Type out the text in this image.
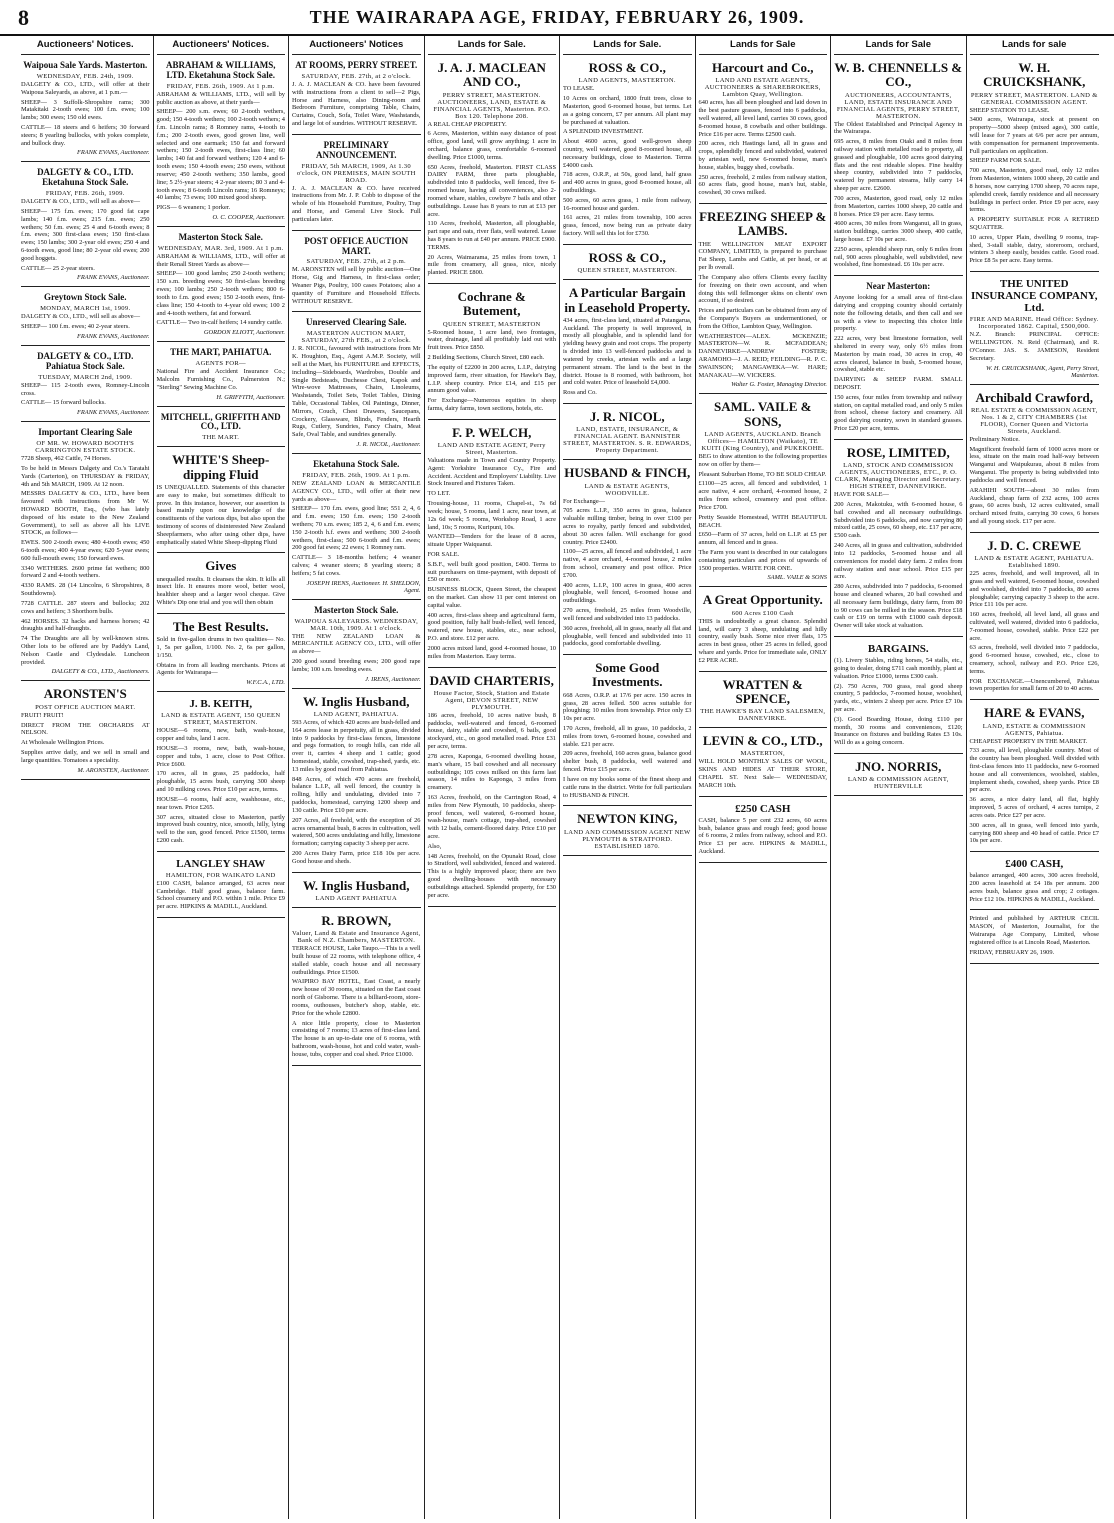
8	THE WAIRARAPA AGE, FRIDAY, FEBRUARY 26, 1909.
Auctioneers' Notices.
Waipoua Sale Yards. Masterton.
WEDNESDAY, FEB. 24th, 1909.

DALGETY & CO., LTD., will offer at their Waipoua Saleyards, as above, at 1 p.m.—

SHEEP— 3 Suffolk-Shropshire rams; 300 Matakitaki 2-tooth ewes; 100 f.m. ewes; 100 lambs; 300 ewes; 150 old ewes.

CATTLE— 18 steers and 6 heifers; 30 forward steers; 8 yearling bullocks, with yokes complete, and bullock dray.

FRANK EVANS, Auctioneer.
DALGETY & CO., LTD. Eketahuna Stock Sale.
FRIDAY, FEB. 26th, 1909.

DALGETY & CO., LTD., will sell as above—

SHEEP— 175 f.m. ewes; 170 good fat cape lambs; 140 f.m. ewes; 215 f.m. ewes; 250 wethers; 50 f.m. ewes; 25 4 and 6-tooth ewes; 8 f.m. ewes; 300 first-class ewes; 150 first-class ewes; 150 lambs; 300 2-year old ewes; 250 4 and 6-tooth ewes, good line; 80 2-year old ewes; 200 good hoggets.

CATTLE— 25 2-year steers.

FRANK EVANS, Auctioneer.
Greytown Stock Sale.
MONDAY, MARCH 1st, 1909.

DALGETY & CO., LTD., will sell as above—

SHEEP— 100 f.m. ewes; 40 2-year steers.

FRANK EVANS, Auctioneer.
DALGETY & CO., LTD. Pahiatua Stock Sale.
TUESDAY, MARCH 2nd, 1909.

SHEEP— 115 2-tooth ewes, Romney-Lincoln cross.

CATTLE— 15 forward bullocks.

FRANK EVANS, Auctioneer.
Important Clearing Sale
OF MR. W. HOWARD BOOTH'S CARRINGTON ESTATE STOCK.

7728 Sheep, 462 Cattle, 74 Horses.

To be held in Messrs Dalgety and Co.'s Taratahi Yards (Carterton), on THURSDAY & FRIDAY, 4th and 5th MARCH, 1909. At 12 noon.

MESSRS DALGETY & CO., LTD., have been favoured with instructions from Mr W. HOWARD BOOTH, Esq., (who has lately disposed of his estate to the New Zealand Government), to sell as above all his LIVE STOCK, as follows—

EWES. 500 2-tooth ewes; 480 4-tooth ewes; 450 6-tooth ewes; 400 4-year ewes; 620 5-year ewes; 600 full-mouth ewes; 150 forward ewes.

3340 WETHERS. 2600 prime fat wethers; 800 forward 2 and 4-tooth wethers.

4330 RAMS. 28 (14 Lincolns, 6 Shropshires, 8 Southdowns).

7728 CATTLE. 287 steers and bullocks; 202 cows and heifers; 3 Shorthorn bulls.

462 HORSES. 32 hacks and harness horses; 42 draughts and half-draughts.

74 The Draughts are all by well-known sires. Other lots to be offered are by Paddy's Land, Nelson Castle and Clydesdale. Luncheon provided.

DALGETY & CO., LTD., Auctioneers.
ARONSTEN'S
POST OFFICE AUCTION MART.

FRUIT! FRUIT!

DIRECT FROM THE ORCHARDS AT NELSON.

At Wholesale Wellington Prices.

Supplies arrive daily, and we sell in small and large quantities. Tomatoes a speciality.

M. ARONSTEN, Auctioneer.
Auctioneers' Notices.
ABRAHAM & WILLIAMS, LTD. Eketahuna Stock Sale.
FRIDAY, FEB. 26th, 1909. At 1 p.m.

ABRAHAM & WILLIAMS, LTD., will sell by public auction as above, at their yards—

SHEEP— 200 s.m. ewes; 60 2-tooth wethers, good; 150 4-tooth wethers; 100 2-tooth wethers; 4 f.m. Lincoln rams; 8 Romney rams, 4-tooth to f.m.; 200 2-tooth ewes, good grown line, well selected and one earmark; 150 fat and forward wethers; 150 2-tooth ewes, first-class line; 60 lambs; 140 fat and forward wethers; 120 4 and 6-tooth ewes; 150 4-tooth ewes; 250 ewes, without reserve; 450 2-tooth wethers; 350 lambs, good line; 5 2½-year steers; 4 2-year steers; 80 3 and 4-tooth ewes; 8 6-tooth Lincoln rams; 16 Romneys; 40 lambs; 73 ewes; 100 mixed good sheep.

PIGS— 6 weaners; 1 porker.

O. C. COOPER, Auctioneer.
Masterton Stock Sale.
WEDNESDAY, MAR. 3rd, 1909. At 1 p.m.

ABRAHAM & WILLIAMS, LTD., will offer at their Renall Street Yards as above—

SHEEP— 100 good lambs; 250 2-tooth wethers; 150 s.m. breeding ewes; 50 first-class breeding ewes; 100 lambs; 250 2-tooth wethers; 800 6-tooth to f.m. good ewes; 150 2-tooth ewes, first-class line; 150 4-tooth to 4-year old ewes; 100 2 and 4-tooth wethers, fat and forward.

CATTLE— Two in-calf heifers; 14 sundry cattle.

GORDON ELIOTT, Auctioneer.
THE MART, PAHIATUA.
AGENTS FOR—

National Fire and Accident Insurance Co.; Malcolm Furnishing Co., Palmerston N.; "Sterling" Sewing Machine Co.

H. GRIFFITH, Auctioneer.
MITCHELL, GRIFFITH AND CO., LTD.
THE MART.
WHITE'S Sheep-dipping Fluid

IS UNEQUALLED. Statements of this character are easy to make, but sometimes difficult to prove. In this instance, however, our assertion is based mainly upon our knowledge of the constituents of the various dips, but also upon the testimony of scores of disinterested New Zealand Sheepfarmers, who after using other dips, have emphatically stated White Sheep-dipping Fluid

Gives

unequalled results. It cleanses the skin. It kills all insect life. It ensures more wool, better wool, healthier sheep and a larger wool cheque. Give White's Dip one trial and you will then obtain

The Best Results.

Sold in five-gallon drums in two qualities— No. 1, 5s per gallon, 1/100. No. 2, 6s per gallon, 1/150.

Obtains in from all leading merchants. Prices at Agents for Wairarapa—

W.F.C.A., LTD.
J. B. KEITH,
LAND & ESTATE AGENT, 150 QUEEN STREET, MASTERTON.

HOUSE—6 rooms, new, bath, wash-house, copper and tubs, land 1 acre.

HOUSE—3 rooms, new, bath, wash-house, copper and tubs, 1 acre, close to Post Office. Price £600.

170 acres, all in grass, 25 paddocks, half ploughable, 15 acres bush, carrying 300 sheep and 10 milking cows. Price £10 per acre, terms.

HOUSE—6 rooms, half acre, washhouse, etc., near town. Price £265.

307 acres, situated close to Masterton, partly improved bush country, nice, smooth, hilly, lying well to the sun, good fenced. Price £1500, terms £200 cash.

LANGLEY SHAW
HAMILTON, FOR WAIKATO LAND

£100 CASH, balance arranged, 63 acres near Cambridge. Half good grass, balance farm. School creamery and P.O. within 1 mile. Price £9 per acre. HIPKINS & MADILL, Auckland.

Auctioneers' Notices
AT ROOMS, PERRY STREET.
SATURDAY, FEB. 27th, at 2 o'clock.

J. A. J. MACLEAN & CO. have been favoured with instructions from a client to sell—2 Pigs, Horse and Harness, also Dining-room and Bedroom Furniture, comprising Table, Chairs, Curtains, Couch, Sofa, Toilet Ware, Washstands, and large lot of sundries. WITHOUT RESERVE.

PRELIMINARY ANNOUNCEMENT.
FRIDAY, 5th MARCH, 1909, At 1.30 o'clock, ON PREMISES, MAIN SOUTH ROAD.

J. A. J. MACLEAN & CO. have received instructions from Mr. J. P. Cobb to dispose of the whole of his Household Furniture, Poultry, Trap and Horse, and General Live Stock. Full particulars later.

POST OFFICE AUCTION MART.
SATURDAY, FEB. 27th, at 2 p.m.

M. ARONSTEN will sell by public auction—One Horse, Gig and Harness, in first-class order; Weaner Pigs, Poultry, 100 cases Potatoes; also a quantity of Furniture and Household Effects. WITHOUT RESERVE.

Unreserved Clearing Sale.
MASTERTON AUCTION MART, SATURDAY, 27th FEB., at 2 o'clock.

J. R. NICOL, favoured with instructions from Mr K. Houghton, Esq., Agent A.M.P. Society, will sell at the Mart, his FURNITURE and EFFECTS, including—Sideboards, Wardrobes, Double and Single Bedsteads, Duchesse Chest, Kapok and Wire-wove Mattresses, Chairs, Linoleums, Washstands, Toilet Sets, Toilet Tables, Dining Table, Occasional Tables, Oil Paintings, Dinner, Mirrors, Couch, Chest Drawers, Saucepans, Crockery, Glassware, Blinds, Fenders, Hearth Rugs, Cutlery, Sundries, Fancy Chairs, Meat Safe, Oval Table, and sundries generally.

J. R. NICOL, Auctioneer.
Eketahuna Stock Sale.
FRIDAY, FEB. 26th, 1909. At 1 p.m.

NEW ZEALAND LOAN & MERCANTILE AGENCY CO., LTD., will offer at their new yards as above—

SHEEP— 170 f.m. ewes, good line; 551 2, 4, 6 and f.m. ewes; 150 f.m. ewes; 150 2-tooth wethers; 70 s.m. ewes; 185 2, 4, 6 and f.m. ewes; 150 2-tooth h.f. ewes and wethers; 300 2-tooth wethers, first-class; 500 6-tooth and f.m. ewes; 200 good fat ewes; 22 ewes; 1 Romney ram.

CATTLE— 3 18-months heifers; 4 weaner calves; 4 weaner steers; 8 yearling steers; 8 heifers; 5 fat cows.

JOSEPH IRENS, Auctioneer. H. SHELDON, Agent.
Masterton Stock Sale.
WAIPOUA SALEYARDS. WEDNESDAY, MAR. 10th, 1909. At 1 o'clock.

THE NEW ZEALAND LOAN & MERCANTILE AGENCY CO., LTD., will offer as above—

200 good sound breeding ewes; 200 good rape lambs; 100 s.m. breeding ewes.

J. IRENS, Auctioneer.
W. Inglis Husband,
LAND AGENT, PAHIATUA.

593 Acres, of which 420 acres are bush-felled and 164 acres lease in perpetuity, all in grass, divided into 9 paddocks by first-class fences, limestone and pegs formation, to rough hills, can ride all over it, carries 4 sheep and 1 cattle; good homestead, stable, cowshed, trap-shed, yards, etc. 13 miles by good road from Pahiatua.

848 Acres, of which 470 acres are freehold, balance L.I.P., all well fenced, the country is rolling, hilly and undulating, divided into 7 paddocks, homestead, carrying 1200 sheep and 130 cattle. Price £10 per acre.

207 Acres, all freehold, with the exception of 26 acres ornamental bush, 8 acres in cultivation, well watered, 500 acres undulating and hilly, limestone formation; carrying capacity 3 sheep per acre.

200 Acres Dairy Farm, price £18 10s per acre. Good house and sheds.

W. Inglis Husband,
LAND AGENT PAHIATUA
R. BROWN,
Valuer, Land & Estate and Insurance Agent, Bank of N.Z. Chambers, MASTERTON.

TERRACE HOUSE, Lake Taupo.—This is a well built house of 22 rooms, with telephone office, 4 stalled stable, coach house and all necessary outbuildings. Price £1500.

WAIPIRO BAY HOTEL, East Coast, a nearly new house of 30 rooms, situated on the East coast north of Gisborne. There is a billiard-room, store-rooms, outhouses, butcher's shop, stable, etc. Price for the whole £2800.

A nice little property, close to Masterton consisting of 7 rooms; 13 acres of first-class land. The house is an up-to-date one of 6 rooms, with bathroom, wash-house, hot and cold water, wash-house, tubs, copper and coal shed. Price £1000.

Lands for Sale.
J. A. J. MACLEAN AND CO.,
PERRY STREET, MASTERTON. AUCTIONEERS, LAND, ESTATE & FINANCIAL AGENTS, Masterton. P.O. Box 120. Telephone 208.

A REAL CHEAP PROPERTY.

6 Acres, Masterton, within easy distance of post office, good land, will grow anything; 1 acre in orchard, balance grass, comfortable 6-roomed dwelling. Price £1000, terms.

650 Acres, freehold, Masterton. FIRST CLASS DAIRY FARM, three parts ploughable, subdivided into 8 paddocks, well fenced, five 6-roomed house, having all conveniences, also 2-roomed whare, stables, cowbyre 7 bails and other outbuildings. Lease has 8 years to run at £13 per acre.

110 Acres, freehold, Masterton, all ploughable, part rape and oats, river flats, well watered. Lease has 8 years to run at £40 per annum. PRICE £900. TERMS.

20 Acres, Waimarama, 25 miles from town, 1 mile from creamery, all grass, nice, nicely planted. PRICE £800.

Cochrane & Butement,
QUEEN STREET, MASTERTON

5-Roomed house, 1 acre land, two frontages, water, drainage, land all profitably laid out with fruit trees. Price £850.

2 Building Sections, Church Street, £80 each.

The equity of £2200 in 200 acres, L.I.P., dairying improved farm, river situation, for Hawke's Bay, L.I.P. sheep country. Price £14, and £15 per annum good value.

For Exchange—Numerous equities in sheep farms, dairy farms, town sections, hotels, etc.

F. P. WELCH,
LAND AND ESTATE AGENT, Perry Street, Masterton.

Valuations made in Town and Country Property. Agent: Yorkshire Insurance Cy., Fire and Accident. Accident and Employers' Liability. Live Stock Insured and Fixtures Taken.

TO LET.

Trousing-house, 11 rooms, Chapel-st., 7s 6d week; house, 5 rooms, land 1 acre, near town, at 12s 6d week; 5 rooms, Workshop Road, 1 acre land, 10s; 5 rooms, Kuripuni, 10s.

WANTED—Tenders for the lease of 8 acres, situate Upper Waiquanui.

FOR SALE.

S.B.F., well built good position, £400. Terms to suit purchasers on time-payment, with deposit of £50 or more.

BUSINESS BLOCK, Queen Street, the cheapest on the market. Can show 11 per cent interest on capital value.

400 acres, first-class sheep and agricultural farm, good position, fully half bush-felled, well fenced, watered, new house, stables, etc., near school, P.O. and store. £12 per acre.

2000 acres mixed land, good 4-roomed house, 10 miles from Masterton. Easy terms.

DAVID CHARTERIS,
House Factor, Stock, Station and Estate Agent, DEVON STREET, NEW PLYMOUTH.

186 acres, freehold, 10 acres native bush, 8 paddocks, well-watered and fenced, 6-roomed house, dairy, stable and cowshed, 6 bails, good stockyard, etc., on good metalled road. Price £31 per acre, terms.

278 acres, Kaponga, 6-roomed dwelling house, man's whare, 15 bail cowshed and all necessary outbuildings; 105 cows milked on this farm last season, 14 miles to Kaponga, 3 miles from creamery.

163 Acres, freehold, on the Carrington Road, 4 miles from New Plymouth, 10 paddocks, sheep-proof fences, well watered, 6-roomed house, wash-house, man's cottage, trap-shed, cowshed with 12 bails, cement-floored dairy. Price £10 per acre.

Also,

148 Acres, freehold, on the Opunaki Road, close to Stratford, well subdivided, fenced and watered. This is a highly improved place; there are two good dwelling-houses with necessary outbuildings attached. Splendid property, for £30 per acre.

Lands for Sale.
ROSS & CO.,
LAND AGENTS, MASTERTON.

TO LEASE.

10 Acres on orchard, 1800 fruit trees, close to Masterton, good 6-roomed house, but terms. Let as a going concern, £7 per annum. All plant may be purchased at valuation.

A SPLENDID INVESTMENT.

About 4600 acres, good well-grown sheep country, well watered, good 8-roomed house, all necessary buildings, close to Masterton. Terms £4000 cash.

718 acres, O.R.P., at 50s, good land, half grass and 400 acres in grass, good 8-roomed house, all outbuildings.

500 acres, 60 acres grass, 1 mile from railway, 16-roomed house and garden.

161 acres, 21 miles from township, 100 acres grass, fenced, now being run as private dairy factory. Will sell this lot for £730.

ROSS & CO.,
QUEEN STREET, MASTERTON.
A Particular Bargain in Leasehold Property.

434 acres, first-class land, situated at Patangarua, Auckland. The property is well improved, in mostly all ploughable, and is splendid land for yielding heavy grain and root crops. The property is divided into 13 well-fenced paddocks and is watered by creeks, artesian wells and a large permanent stream. The land is the best in the district. House is 8 roomed, with bathroom, hot and cold water. Price of leasehold £4,000.

Ross and Co.

J. R. NICOL,
LAND, ESTATE, INSURANCE, & FINANCIAL AGENT. BANNISTER STREET, MASTERTON. S. R. EDWARDS, Property Department.
HUSBAND & FINCH,
LAND & ESTATE AGENTS, WOODVILLE.

For Exchange—

705 acres L.I.P., 350 acres in grass, balance valuable milling timber, being in over £100 per acres to royalty, partly fenced and subdivided, about 30 acres fallen. Will exchange for good country. Price £2400.

1100—25 acres, all fenced and subdivided, 1 acre native, 4 acre orchard, 4-roomed house, 2 miles from school, creamery and post office. Price £700.

400 acres, L.I.P., 100 acres in grass, 400 acres ploughable, well fenced, 6-roomed house and outbuildings.

270 acres, freehold, 25 miles from Woodville, well fenced and subdivided into 13 paddocks.

360 acres, freehold, all in grass, nearly all flat and ploughable, well fenced and subdivided into 11 paddocks, good comfortable dwelling.

Some Good Investments.

668 Acres, O.R.P. at 17/6 per acre. 150 acres in grass, 28 acres felled. 500 acres suitable for ploughing; 10 miles from township. Price only £3 10s per acre.

170 Acres, freehold, all in grass, 10 paddocks, 2 miles from town, 6-roomed house, cowshed and stable. £21 per acre.

209 acres, freehold, 160 acres grass, balance good shelter bush, 8 paddocks, well watered and fenced. Price £15 per acre.

I have on my books some of the finest sheep and cattle runs in the district. Write for full particulars to HUSBAND & FINCH.

NEWTON KING,
LAND AND COMMISSION AGENT NEW PLYMOUTH & STRATFORD. ESTABLISHED 1870.
Lands for Sale
Harcourt and Co.,
LAND AND ESTATE AGENTS, AUCTIONEERS & SHAREBROKERS, Lambton Quay, Wellington.

640 acres, has all been ploughed and laid down in the best pasture grasses, fenced into 6 paddocks, well watered, all level land, carries 30 cows, good 8-roomed house, 8 cowbails and other buildings. Price £16 per acre. Terms £2500 cash.

200 acres, rich Hastings land, all in grass and crops, splendidly fenced and subdivided, watered by artesian well, new 6-roomed house, man's house, stables, buggy shed, cowbails.

250 acres, freehold, 2 miles from railway station, 60 acres flats, good house, man's hut, stable, cowshed, 30 cows milked.

FREEZING SHEEP & LAMBS.

THE WELLINGTON MEAT EXPORT COMPANY, LIMITED, is prepared to purchase Fat Sheep, Lambs and Cattle, at per head, or at per lb overall.

The Company also offers Clients every facility for freezing on their own account, and when doing this will fellmonger skins on clients' own account, if so desired.

Prices and particulars can be obtained from any of the Company's Buyers as undermentioned, or from the Office, Lambton Quay, Wellington.

WEATHERSTON—ALEX. MCKENZIE; MASTERTON—W. R. MCFADDEAN; DANNEVIRKE—ANDREW FOSTER; ARAMOHO—J. A. REID; FEILDING—R. P. C. SWAINSON; MANGAWEKA—W. HARE; MANAKAU—W. VICKERS.

Walter G. Foster, Managing Director.
SAML. VAILE & SONS,
LAND AGENTS, AUCKLAND. Branch Offices— HAMILTON (Waikato), TE KUITI (King Country), and PUKEKOHE.

BEG to draw attention to the following properties now on offer by them—

Pleasant Suburban Home, TO BE SOLD CHEAP.

£1100—25 acres, all fenced and subdivided, 1 acre native, 4 acre orchard, 4-roomed house, 2 miles from school, creamery and post office. Price £700.

Pretty Seaside Homestead, WITH BEAUTIFUL BEACH.

£650—Farm of 37 acres, held on L.I.P. at £5 per annum, all fenced and in grass.

The Farm you want is described in our catalogues containing particulars and prices of upwards of 1500 properties. WRITE FOR ONE.

SAML. VAILE & SONS
A Great Opportunity.
600 Acres £100 Cash

THIS is undoubtedly a great chance. Splendid land, will carry 3 sheep, undulating and hilly country, easily bush. Some nice river flats, 175 acres in best grass, other 25 acres in felled, good whare and yards. Price for immediate sale, ONLY £2 PER ACRE.

WRATTEN & SPENCE,
THE HAWKE'S BAY LAND SALESMEN, DANNEVIRKE.
LEVIN & CO., LTD.,
MASTERTON,

WILL HOLD MONTHLY SALES OF WOOL, SKINS AND HIDES AT THEIR STORE, CHAPEL ST. Next Sale— WEDNESDAY, MARCH 10th.

£250 CASH

CASH, balance 5 per cent 232 acres, 60 acres bush, balance grass and rough feed; good house of 6 rooms, 2 miles from railway, school and P.O. Price £3 per acre. HIPKINS & MADILL, Auckland.

Lands for Sale
W. B. CHENNELLS & CO.,
AUCTIONEERS, ACCOUNTANTS, LAND, ESTATE INSURANCE AND FINANCIAL AGENTS, PERRY STREET, MASTERTON.

The Oldest Established and Principal Agency in the Wairarapa.

695 acres, 8 miles from Otaki and 8 miles from railway station with metalled road to property, all grassed and ploughable, 100 acres good dairying flats and the rest rideable slopes. Fine healthy sheep country, subdivided into 7 paddocks, watered by permanent streams, hilly carry 14 sheep per acre. £2600.

700 acres, Masterton, good road, only 12 miles from Masterton, carries 1000 sheep, 20 cattle and 8 horses. Price £9 per acre. Easy terms.

4600 acres, 30 miles from Wanganui, all in grass, station buildings, carries 3000 sheep, 400 cattle, large house. £7 10s per acre.

2250 acres, splendid sheep run, only 6 miles from rail, 900 acres ploughable, well subdivided, new woolshed, fine homestead. £6 10s per acre.

Near Masterton:

Anyone looking for a small area of first-class dairying and cropping country should certainly note the following details, and then call and see us with a view to inspecting this choice little property.

222 acres, very best limestone formation, well sheltered in every way, only 6½ miles from Masterton by main road, 30 acres in crop, 40 acres cleared, balance in bush, 5-roomed house, cowshed, stable etc.

DAIRYING & SHEEP FARM. SMALL DEPOSIT.

150 acres, four miles from township and railway station, on capital metalled road, and only 5 miles from school, cheese factory and creamery. All good dairying country, sown in standard grasses. Price £20 per acre, terms.

ROSE, LIMITED,
LAND, STOCK AND COMMISSION AGENTS, AUCTIONEERS, ETC., P. O. CLARK, Managing Director and Secretary. HIGH STREET, DANNEVIRKE.

HAVE FOR SALE—

200 Acres, Makotuku, with 6-roomed house, 6 bail cowshed and all necessary outbuildings. Subdivided into 6 paddocks, and now carrying 80 mixed cattle, 25 cows, 60 sheep, etc. £17 per acre, £500 cash.

240 Acres, all in grass and cultivation, subdivided into 12 paddocks, 5-roomed house and all conveniences for model dairy farm. 2 miles from railway station and near school. Price £15 per acre.

280 Acres, subdivided into 7 paddocks, 6-roomed house and cleaned whares, 20 bail cowshed and all necessary farm buildings, dairy farm, from 80 to 90 cows can be milked in the season. Price £18 cash or £19 on terms with £1000 cash deposit. Owner will take stock at valuation.

BARGAINS.

(1). Livery Stables, riding horses, 54 stalls, etc., going to dealer, doing £711 cash monthly, plant at valuation. Price £1000, terms £300 cash.

(2). 750 Acres, 700 grass, real good sheep country, 5 paddocks, 7-roomed house, woolshed, yards, etc., winters 2 sheep per acre. Price £7 10s per acre.

(3). Good Boarding House, doing £110 per month, 30 rooms and conveniences, £120; Insurance on fixtures and building Rates £3 10s. Will do as a going concern.

JNO. NORRIS,
LAND & COMMISSION AGENT, HUNTERVILLE
Lands for sale
W. H. CRUICKSHANK,
PERRY STREET, MASTERTON. LAND & GENERAL COMMISSION AGENT.

SHEEP STATION TO LEASE.

3400 acres, Wairarapa, stock at present on property—5000 sheep (mixed ages), 300 cattle, will lease for 7 years at 6/6 per acre per annum, with compensation for permanent improvements. Full particulars on application.

SHEEP FARM FOR SALE.

700 acres, Masterton, good road, only 12 miles from Masterton, winters 1000 sheep, 20 cattle and 8 horses, now carrying 1700 sheep, 70 acres rape, splendid creek, family residence and all necessary buildings in perfect order. Price £9 per acre, easy terms.

A PROPERTY SUITABLE FOR A RETIRED SQUATTER.

10 acres, Upper Plain, dwelling 9 rooms, trap-shed, 3-stall stable, dairy, storeroom, orchard, winters 3 sheep easily, besides cattle. Good road. Price £8 5s per acre. Easy terms.

THE UNITED INSURANCE COMPANY, Ltd.
FIRE AND MARINE. Head Office: Sydney. Incorporated 1862. Capital, £500,000.

N.Z. Branch: PRINCIPAL OFFICE: WELLINGTON. N. Reid (Chairman), and R. O'Connor. JAS. S. JAMESON, Resident Secretary.

W. H. CRUICKSHANK, Agent, Perry Street, Masterton.
Archibald Crawford,
REAL ESTATE & COMMISSION AGENT, Nos. 1 & 2, CITY CHAMBERS (1st FLOOR), Corner Queen and Victoria Streets, Auckland.

Preliminary Notice.

Magnificent freehold farm of 1000 acres more or less, situate on the main road half-way between Wanganui and Waipukurau, about 8 miles from Wanganui. The property is being subdivided into paddocks and well fenced.

ARAHIHI SOUTH—about 30 miles from Auckland, cheap farm of 232 acres, 100 acres grass, 60 acres bush, 12 acres cultivated, small orchard mixed fruits, carrying 30 cows, 6 horses and all young stock. £17 per acre.

J. D. C. CREWE
LAND & ESTATE AGENT, PAHIATUA. Established 1890.

225 acres, freehold, and well improved, all in grass and well watered, 6-roomed house, cowshed and woolshed, divided into 7 paddocks, 80 acres ploughable; carrying capacity 3 sheep to the acre. Price £11 10s per acre.

160 acres, freehold, all level land, all grass and cultivated, well watered, divided into 6 paddocks, 7-roomed house, cowshed, stable. Price £22 per acre.

63 acres, freehold, well divided into 7 paddocks, good 6-roomed house, cowshed, etc., close to creamery, school, railway and P.O. Price £26, terms.

FOR EXCHANGE.—Unencumbered, Pahiatua town properties for small farm of 20 to 40 acres.

HARE & EVANS,
LAND, ESTATE & COMMISSION AGENTS, Pahiatua.

CHEAPEST PROPERTY IN THE MARKET.

733 acres, all level, ploughable country. Most of the country has been ploughed. Well divided with first-class fences into 11 paddocks, new 6-roomed house and all conveniences, woolshed, stables, implement sheds, cowshed, sheep yards. Price £8 per acre.

36 acres, a nice dairy land, all flat, highly improved, 5 acres of orchard, 4 acres turnips, 2 acres oats. Price £27 per acre.

300 acres, all in grass, well fenced into yards, carrying 800 sheep and 40 head of cattle. Price £7 10s per acre.

£400 CASH,

balance arranged, 400 acres, 300 acres freehold, 200 acres leasehold at £4 18s per annum. 200 acres bush, balance grass and crop; 2 cottages. Price £12 10s. HIPKINS & MADILL, Auckland.

Printed and published by ARTHUR CECIL MASON, of Masterton, Journalist, for the Wairarapa Age Company, Limited, whose registered office is at Lincoln Road, Masterton.

FRIDAY, FEBRUARY 26, 1909.
